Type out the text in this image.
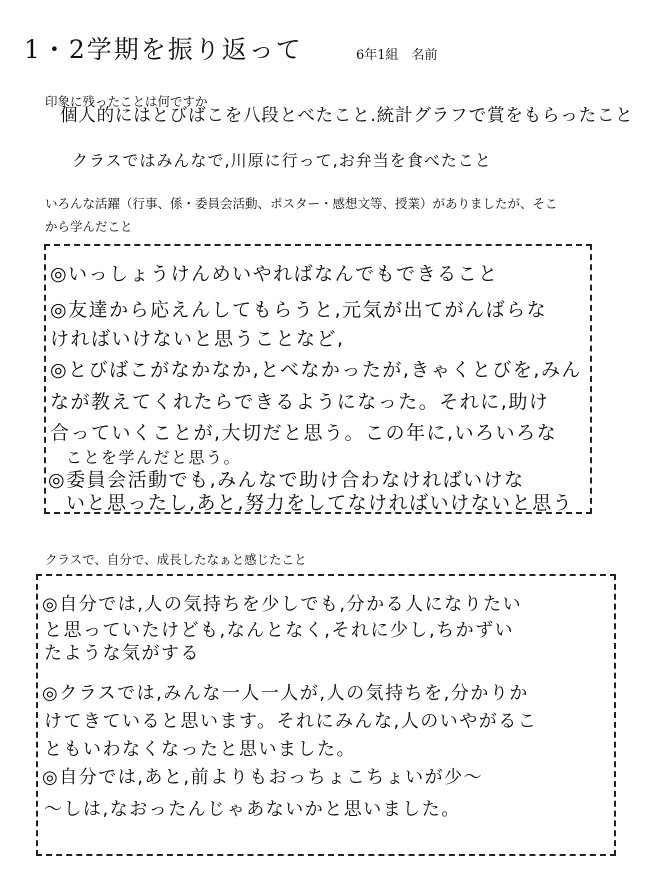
1・2学期を振り返って	6年1組　名前
印象に残ったことは何ですか
個人的にはとびばこを八段とべたこと.統計グラフで賞をもらったこと
クラスではみんなで,川原に行って,お弁当を食べたこと
いろんな活躍（行事、係・委員会活動、ポスター・感想文等、授業）がありましたが、そこ
から学んだこと
◎いっしょうけんめいやればなんでもできること
◎友達から応えんしてもらうと,元気が出てがんばらな
ければいけないと思うことなど,
◎とびばこがなかなか,とべなかったが,きゃくとびを,みん
なが教えてくれたらできるようになった。それに,助け
合っていくことが,大切だと思う。この年に,いろいろな
ことを学んだと思う。
◎委員会活動でも,みんなで助け合わなければいけな
いと思ったし,あと,努力をしてなければいけないと思う
クラスで、自分で、成長したなぁと感じたこと
◎自分では,人の気持ちを少しでも,分かる人になりたい
と思っていたけども,なんとなく,それに少し,ちかずい
たような気がする
◎クラスでは,みんな一人一人が,人の気持ちを,分かりか
けてきていると思います。それにみんな,人のいやがるこ
ともいわなくなったと思いました。
◎自分では,あと,前よりもおっちょこちょいが少〜
〜しは,なおったんじゃあないかと思いました。
